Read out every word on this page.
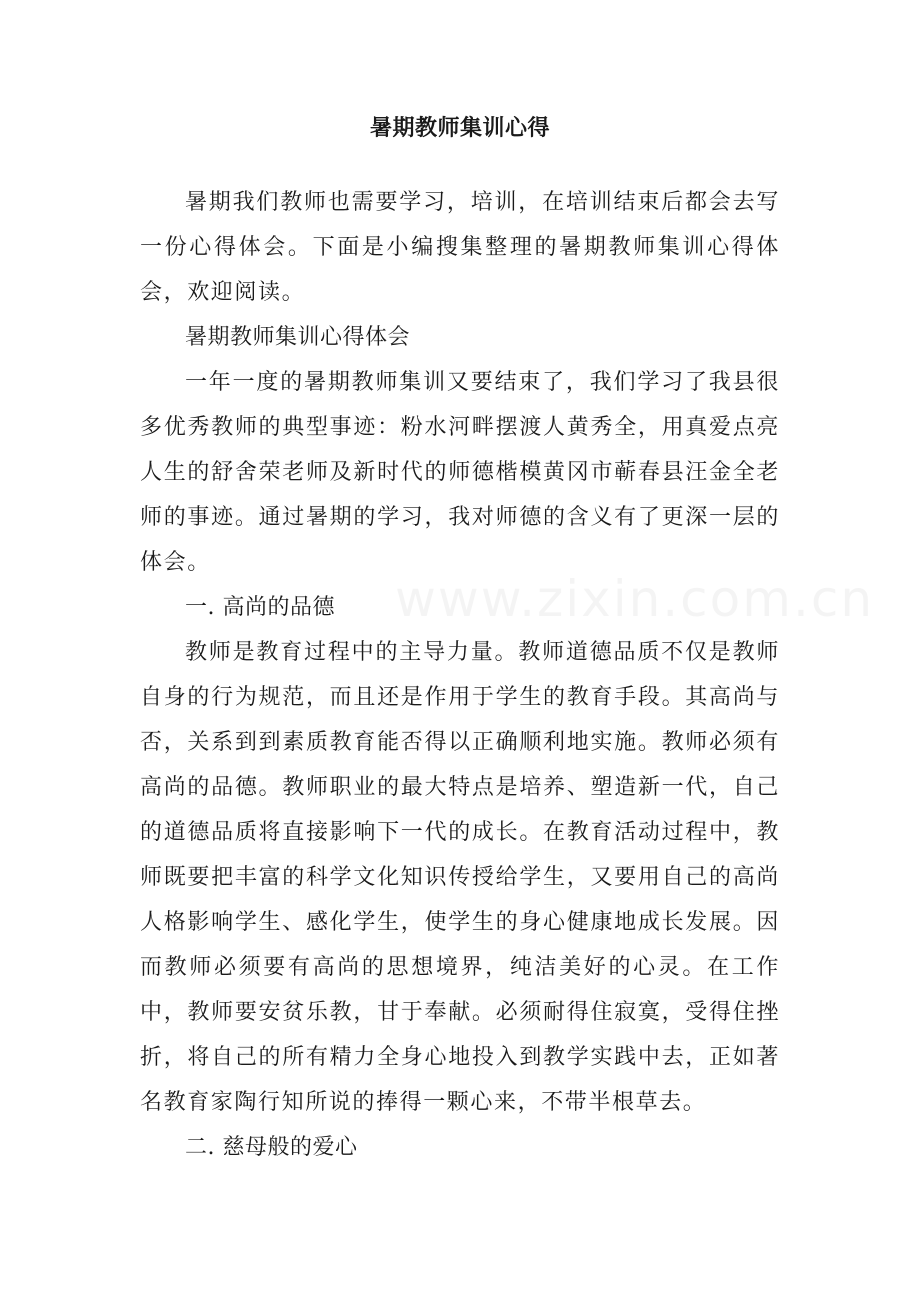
暑期教师集训心得

暑期我们教师也需要学习，培训，在培训结束后都会去写一份心得体会。下面是小编搜集整理的暑期教师集训心得体会，欢迎阅读。

暑期教师集训心得体会

一年一度的暑期教师集训又要结束了，我们学习了我县很多优秀教师的典型事迹：粉水河畔摆渡人黄秀全，用真爱点亮人生的舒舍荣老师及新时代的师德楷模黄冈市蕲春县汪金全老师的事迹。通过暑期的学习，我对师德的含义有了更深一层的体会。

一. 高尚的品德

教师是教育过程中的主导力量。教师道德品质不仅是教师自身的行为规范，而且还是作用于学生的教育手段。其高尚与否，关系到到素质教育能否得以正确顺利地实施。教师必须有高尚的品德。教师职业的最大特点是培养、塑造新一代，自己的道德品质将直接影响下一代的成长。在教育活动过程中，教师既要把丰富的科学文化知识传授给学生，又要用自己的高尚人格影响学生、感化学生，使学生的身心健康地成长发展。因而教师必须要有高尚的思想境界，纯洁美好的心灵。在工作中，教师要安贫乐教，甘于奉献。必须耐得住寂寞，受得住挫折，将自己的所有精力全身心地投入到教学实践中去，正如著名教育家陶行知所说的捧得一颗心来，不带半根草去。

二. 慈母般的爱心
